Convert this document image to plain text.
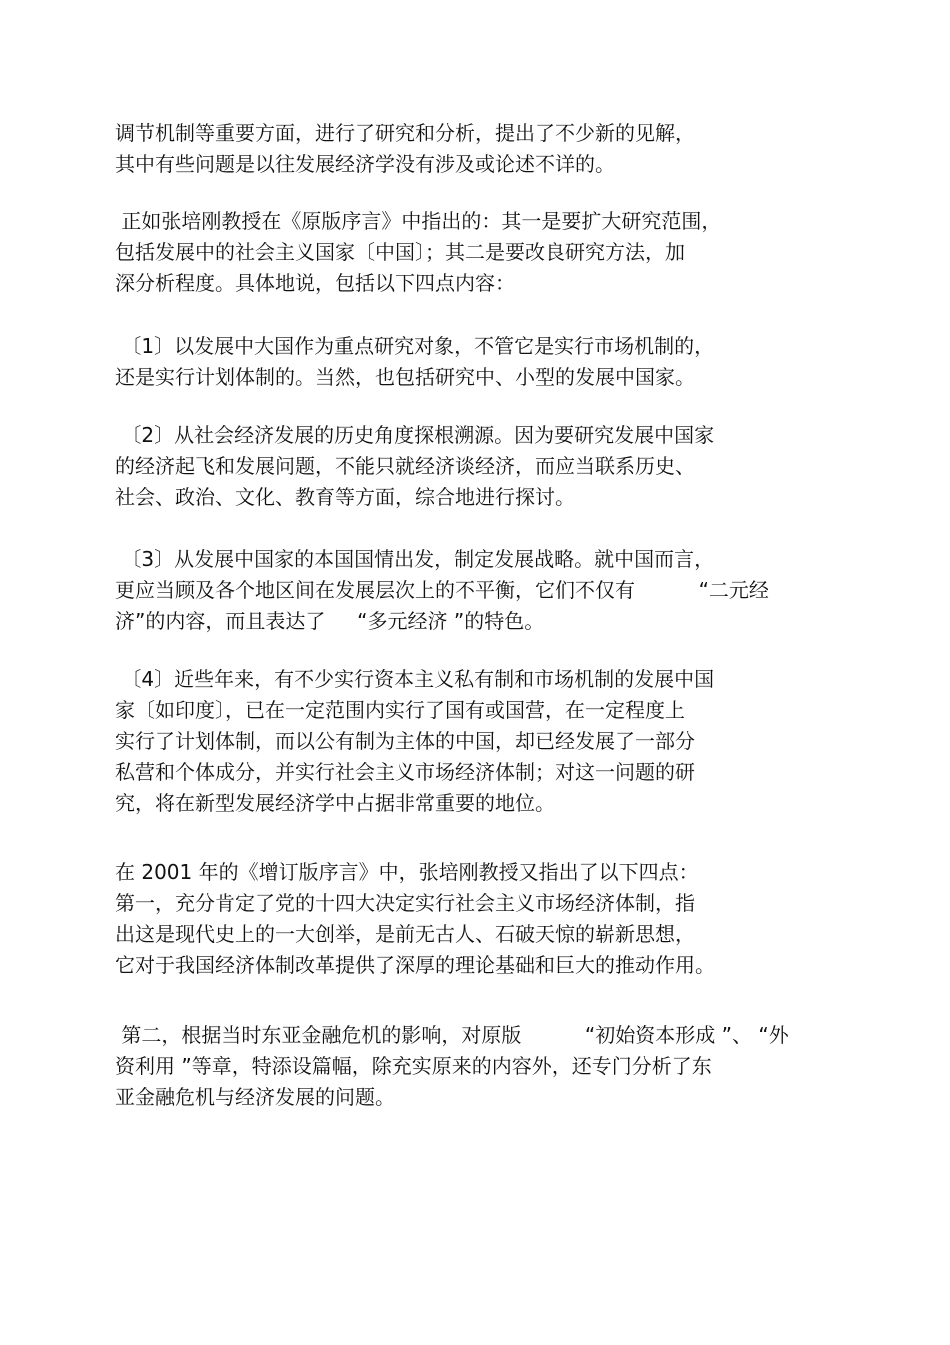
调节机制等重要方面，进行了研究和分析，提出了不少新的见解，
其中有些问题是以往发展经济学没有涉及或论述不详的。
正如张培刚教授在《原版序言》中指出的：其一是要扩大研究范围，
包括发展中的社会主义国家〔中国〕；其二是要改良研究方法，加
深分析程度。具体地说，包括以下四点内容：
〔1〕以发展中大国作为重点研究对象，不管它是实行市场机制的，
还是实行计划体制的。当然，也包括研究中、小型的发展中国家。
〔2〕从社会经济发展的历史角度探根溯源。因为要研究发展中国家
的经济起飞和发展问题，不能只就经济谈经济，而应当联系历史、
社会、政治、文化、教育等方面，综合地进行探讨。
〔3〕从发展中国家的本国国情出发，制定发展战略。就中国而言，
更应当顾及各个地区间在发展层次上的不平衡，它们不仅有          “二元经
济”的内容，而且表达了     “多元经济 ”的特色。
〔4〕近些年来，有不少实行资本主义私有制和市场机制的发展中国
家〔如印度〕，已在一定范围内实行了国有或国营，在一定程度上
实行了计划体制，而以公有制为主体的中国，却已经发展了一部分
私营和个体成分，并实行社会主义市场经济体制；对这一问题的研
究，将在新型发展经济学中占据非常重要的地位。
在 2001 年的《增订版序言》中，张培刚教授又指出了以下四点：
第一，充分肯定了党的十四大决定实行社会主义市场经济体制，指
出这是现代史上的一大创举，是前无古人、石破天惊的崭新思想，
它对于我国经济体制改革提供了深厚的理论基础和巨大的推动作用。
第二，根据当时东亚金融危机的影响，对原版          “初始资本形成 ”、 “外
资利用 ”等章，特添设篇幅，除充实原来的内容外，还专门分析了东
亚金融危机与经济发展的问题。
